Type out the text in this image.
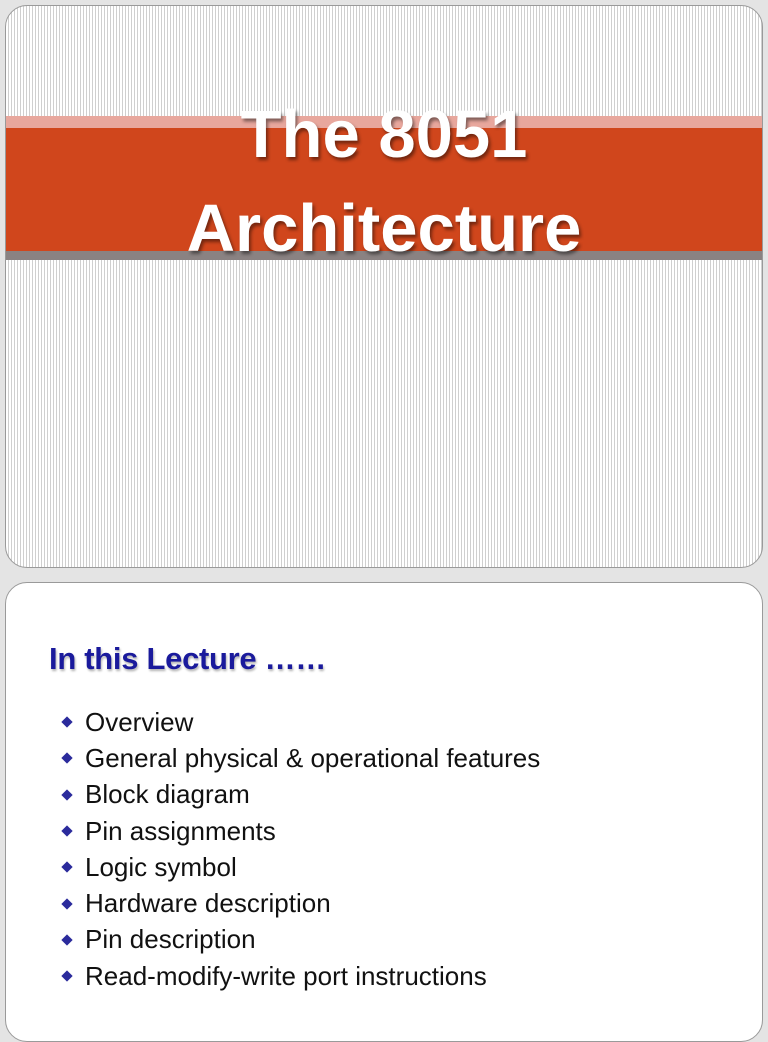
The 8051
Architecture
In this Lecture ……
Overview
General physical & operational features
Block diagram
Pin assignments
Logic symbol
Hardware description
Pin description
Read-modify-write port instructions
